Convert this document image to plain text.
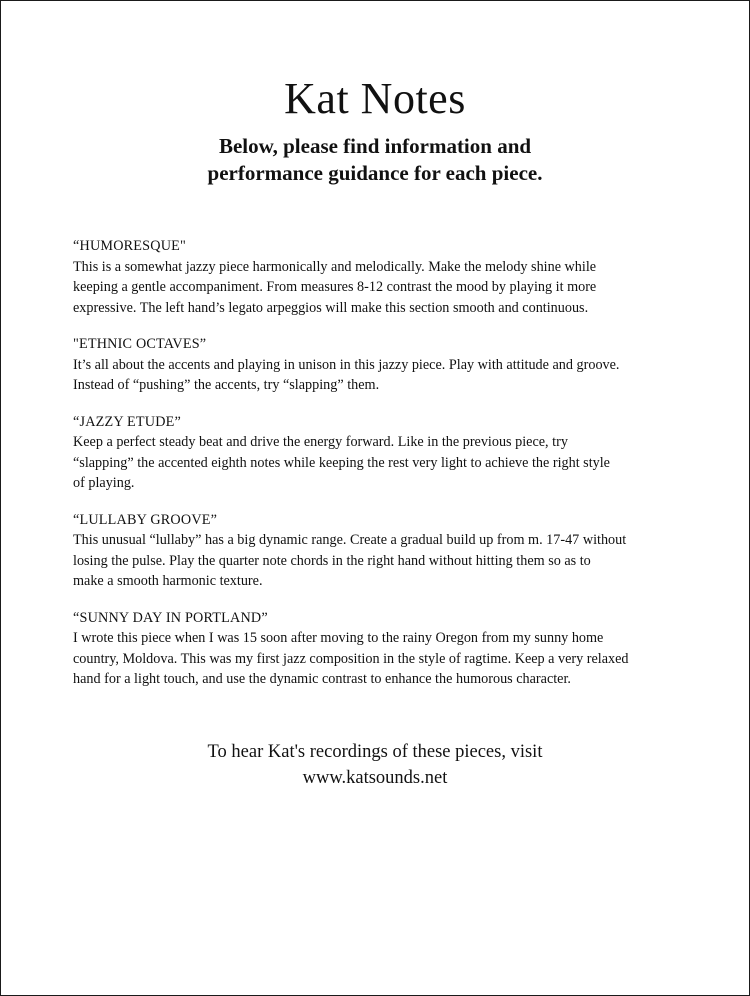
Kat Notes
Below, please find information and
performance guidance for each piece.
“HUMORESQUE"
This is a somewhat jazzy piece harmonically and melodically. Make the melody shine while
keeping a gentle accompaniment. From measures 8-12 contrast the mood by playing it more
expressive. The left hand’s legato arpeggios will make this section smooth and continuous.
"ETHNIC OCTAVES”
It’s all about the accents and playing in unison in this jazzy piece. Play with attitude and groove.
Instead of “pushing” the accents, try “slapping” them.
“JAZZY ETUDE”
Keep a perfect steady beat and drive the energy forward. Like in the previous piece, try
“slapping” the accented eighth notes while keeping the rest very light to achieve the right style
of playing.
“LULLABY GROOVE”
This unusual “lullaby” has a big dynamic range. Create a gradual build up from m. 17-47 without
losing the pulse. Play the quarter note chords in the right hand without hitting them so as to
make a smooth harmonic texture.
“SUNNY DAY IN PORTLAND”
I wrote this piece when I was 15 soon after moving to the rainy Oregon from my sunny home
country, Moldova. This was my first jazz composition in the style of ragtime. Keep a very relaxed
hand for a light touch, and use the dynamic contrast to enhance the humorous character.
To hear Kat's recordings of these pieces, visit
www.katsounds.net
